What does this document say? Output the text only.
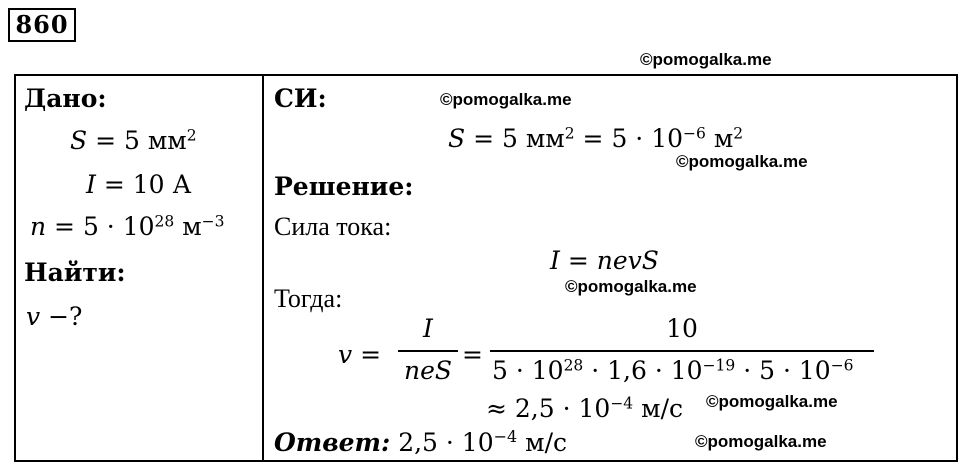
860
©pomogalka.me
©pomogalka.me
©pomogalka.me
©pomogalka.me
©pomogalka.me
©pomogalka.me
Дано:
S = 5 $мм^2$
I = 10 А
$n = 5 \cdot 10^{28}$ $м^{-3}$
Найти:
v −?
СИ:
S = 5 $мм^2 = 5 \cdot 10^{-6}$ $м^2$
Решение:
Сила тока:
I = nevS
Тогда:
v =
I
neS
=
10
$5 \cdot 10^{28} \cdot 1,6 \cdot 10^{-19} \cdot 5 \cdot 10^{-6}$
≈ $2,5 \cdot 10^{-4}$ м/с
Ответ: $2,5 \cdot 10^{-4}$ м/с
